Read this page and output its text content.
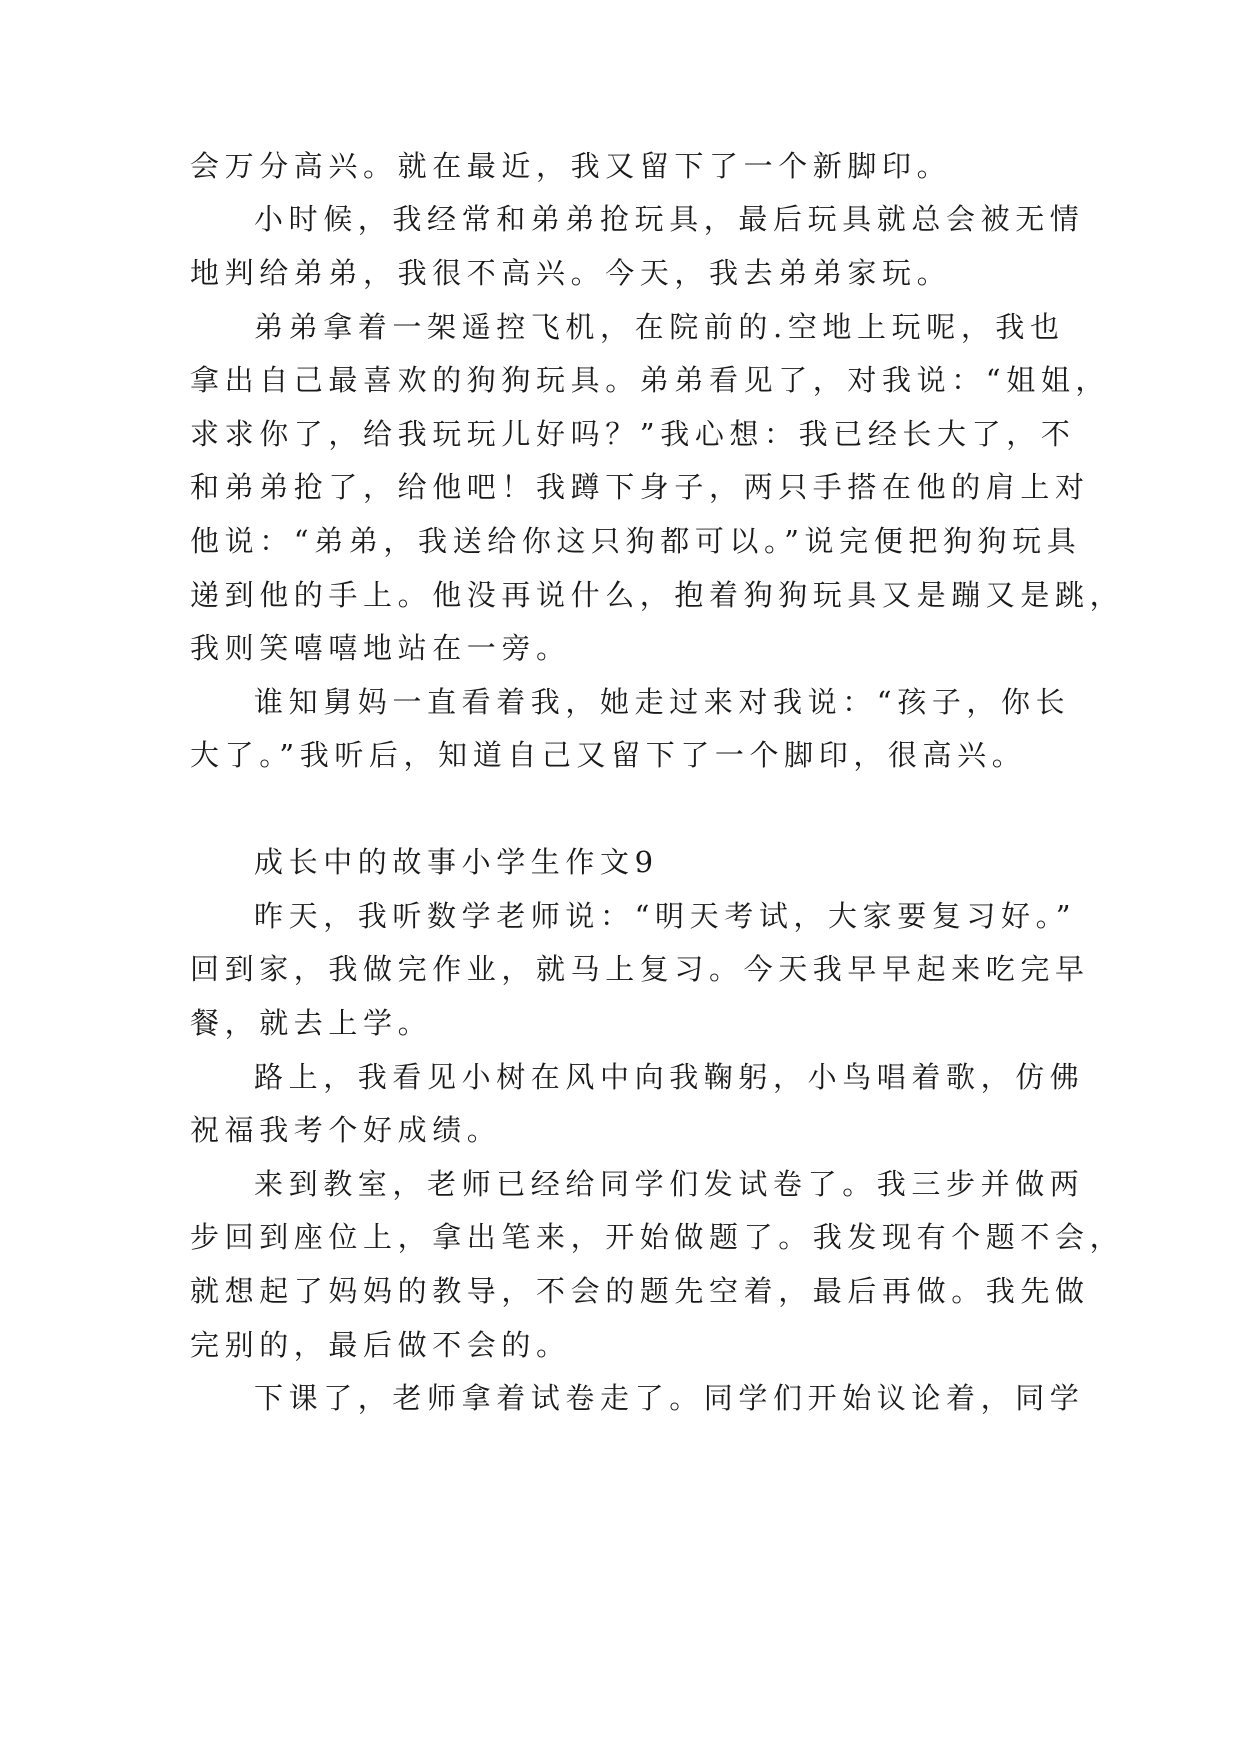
会万分高兴。就在最近，我又留下了一个新脚印。
小时候，我经常和弟弟抢玩具，最后玩具就总会被无情
地判给弟弟，我很不高兴。今天，我去弟弟家玩。
弟弟拿着一架遥控飞机，在院前的.空地上玩呢，我也
拿出自己最喜欢的狗狗玩具。弟弟看见了，对我说：“姐姐，
求求你了，给我玩玩儿好吗？”我心想：我已经长大了，不
和弟弟抢了，给他吧！我蹲下身子，两只手搭在他的肩上对
他说：“弟弟，我送给你这只狗都可以。”说完便把狗狗玩具
递到他的手上。他没再说什么，抱着狗狗玩具又是蹦又是跳，
我则笑嘻嘻地站在一旁。
谁知舅妈一直看着我，她走过来对我说：“孩子，你长
大了。”我听后，知道自己又留下了一个脚印，很高兴。
成长中的故事小学生作文9
昨天，我听数学老师说：“明天考试，大家要复习好。”
回到家，我做完作业，就马上复习。今天我早早起来吃完早
餐，就去上学。
路上，我看见小树在风中向我鞠躬，小鸟唱着歌，仿佛
祝福我考个好成绩。
来到教室，老师已经给同学们发试卷了。我三步并做两
步回到座位上，拿出笔来，开始做题了。我发现有个题不会，
就想起了妈妈的教导，不会的题先空着，最后再做。我先做
完别的，最后做不会的。
下课了，老师拿着试卷走了。同学们开始议论着，同学
